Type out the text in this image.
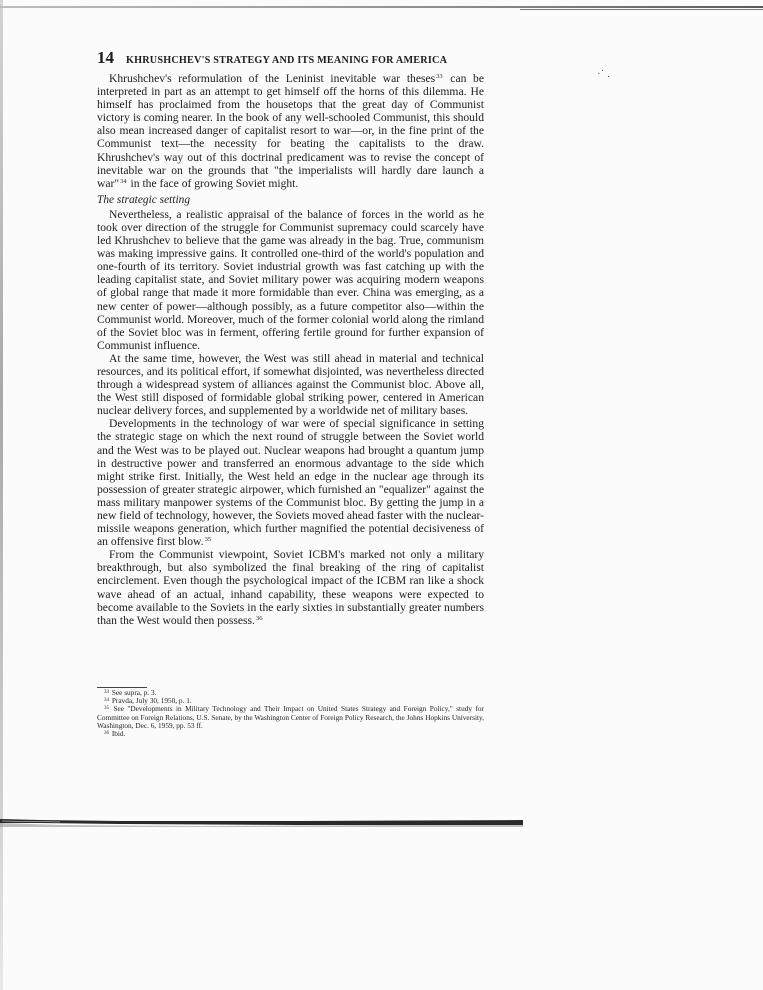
·˙ .
14 KHRUSHCHEV'S STRATEGY AND ITS MEANING FOR AMERICA

Khrushchev's reformulation of the Leninist inevitable war theses$^{33}$ can be interpreted in part as an attempt to get himself off the horns of this dilemma. He himself has proclaimed from the housetops that the great day of Communist victory is coming nearer. In the book of any well-schooled Communist, this should also mean increased danger of capitalist resort to war—or, in the fine print of the Communist text—the necessity for beating the capitalists to the draw. Khrushchev's way out of this doctrinal predicament was to revise the concept of inevitable war on the grounds that "the imperialists will hardly dare launch a war"$^{34}$ in the face of growing Soviet might.

The strategic setting

Nevertheless, a realistic appraisal of the balance of forces in the world as he took over direction of the struggle for Communist supremacy could scarcely have led Khrushchev to believe that the game was already in the bag. True, communism was making impressive gains. It controlled one-third of the world's population and one-fourth of its territory. Soviet industrial growth was fast catching up with the leading capitalist state, and Soviet military power was acquiring modern weapons of global range that made it more formidable than ever. China was emerging, as a new center of power—although possibly, as a future competitor also—within the Communist world. Moreover, much of the former colonial world along the rimland of the Soviet bloc was in ferment, offering fertile ground for further expansion of Communist influence.

At the same time, however, the West was still ahead in material and technical resources, and its political effort, if somewhat disjointed, was nevertheless directed through a widespread system of alliances against the Communist bloc. Above all, the West still disposed of formidable global striking power, centered in American nuclear delivery forces, and supplemented by a worldwide net of military bases.

Developments in the technology of war were of special significance in setting the strategic stage on which the next round of struggle between the Soviet world and the West was to be played out. Nuclear weapons had brought a quantum jump in destructive power and transferred an enormous advantage to the side which might strike first. Initially, the West held an edge in the nuclear age through its possession of greater strategic airpower, which furnished an "equalizer" against the mass military manpower systems of the Communist bloc. By getting the jump in a new field of technology, however, the Soviets moved ahead faster with the nuclear-missile weapons generation, which further magnified the potential decisiveness of an offensive first blow.$^{35}$

From the Communist viewpoint, Soviet ICBM's marked not only a military breakthrough, but also symbolized the final breaking of the ring of capitalist encirclement. Even though the psychological impact of the ICBM ran like a shock wave ahead of an actual, inhand capability, these weapons were expected to become available to the Soviets in the early sixties in substantially greater numbers than the West would then possess.$^{36}$

$^{33}$ See supra, p. 3.
$^{34}$ Pravda, July 30, 1950, p. 1.
$^{35}$ See "Developments in Military Technology and Their Impact on United States Strategy and Foreign Policy," study for Committee on Foreign Relations, U.S. Senate, by the Washington Center of Foreign Policy Research, the Johns Hopkins University, Washington, Dec. 6, 1959, pp. 53 ff.
$^{36}$ Ibid.
